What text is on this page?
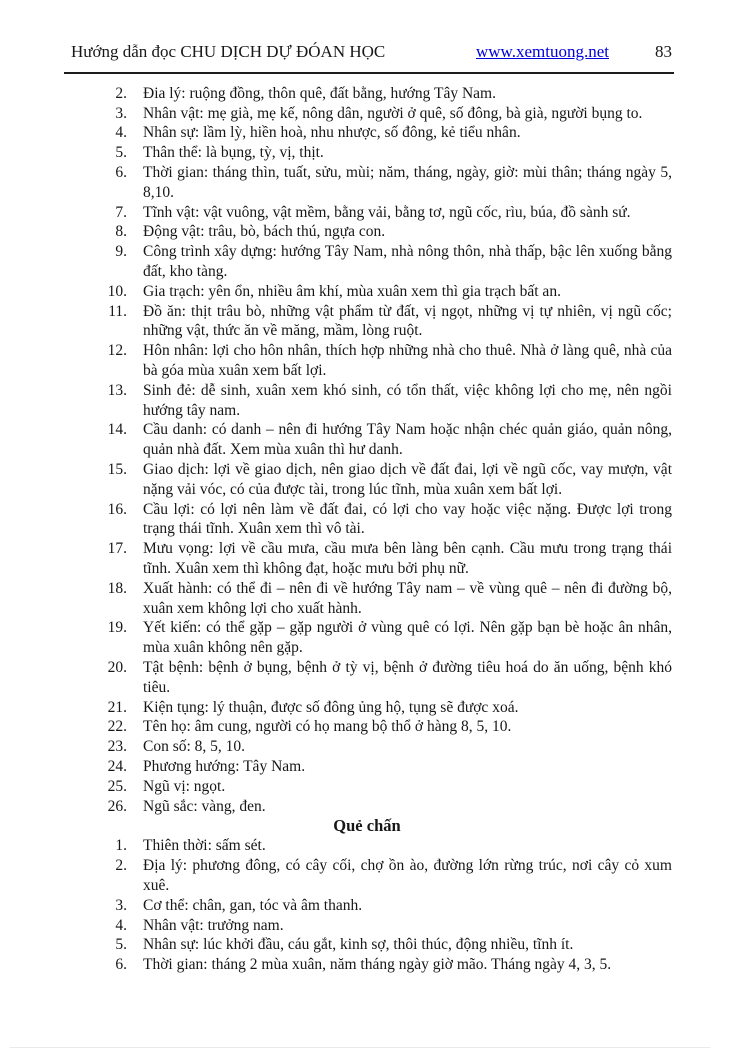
Hướng dẫn đọc CHU DỊCH DỰ ĐÓAN HỌC	www.xemtuong.net	83
2.	Đia lý: ruộng đồng, thôn quê, đất bằng, hướng Tây Nam.
3.	Nhân vật: mẹ già, mẹ kế, nông dân, người ở quê, số đông, bà già, người bụng to.
4.	Nhân sự: lầm lỳ, hiền hoà, nhu nhược, số đông, kẻ tiểu nhân.
5.	Thân thể: là bụng, tỳ, vị, thịt.
6.	Thời gian: tháng thìn, tuất, sửu, mùi; năm, tháng, ngày, giờ: mùi thân; tháng ngày 5, 8,10.
7.	Tĩnh vật: vật vuông, vật mềm, bằng vải, bằng tơ, ngũ cốc, rìu, búa, đồ sành sứ.
8.	Động vật: trâu, bò, bách thú, ngựa con.
9.	Công trình xây dựng: hướng Tây Nam, nhà nông thôn, nhà thấp, bậc lên xuống bằng đất, kho tàng.
10.	Gia trạch: yên ổn, nhiều âm khí, mùa xuân xem thì gia trạch bất an.
11.	Đồ ăn: thịt trâu bò, những vật phẩm từ đất, vị ngọt, những vị tự nhiên, vị ngũ cốc; những vật, thức ăn về măng, mầm, lòng ruột.
12.	Hôn nhân: lợi cho hôn nhân, thích hợp những nhà cho thuê. Nhà ở làng quê, nhà của bà góa mùa xuân xem bất lợi.
13.	Sinh đẻ: dễ sinh, xuân xem khó sinh, có tổn thất, việc không lợi cho mẹ, nên ngồi hướng tây nam.
14.	Cầu danh: có danh – nên đi hướng Tây Nam hoặc nhận chéc quản giáo, quản nông, quản nhà đất. Xem mùa xuân thì hư danh.
15.	Giao dịch: lợi về giao dịch, nên giao dịch về đất đai, lợi về ngũ cốc, vay mượn, vật nặng vải vóc, có của được tài, trong lúc tĩnh, mùa xuân xem bất lợi.
16.	Cầu lợi: có lợi nên làm về đất đai, có lợi cho vay hoặc việc nặng. Được lợi trong trạng thái tĩnh. Xuân xem thì vô tài.
17.	Mưu vọng: lợi về cầu mưa, cầu mưa bên làng bên cạnh. Cầu mưu trong trạng thái tĩnh. Xuân xem thì không đạt, hoặc mưu bởi phụ nữ.
18.	Xuất hành: có thể đi – nên đi về hướng Tây nam – về vùng quê – nên đi đường bộ, xuân xem không lợi cho xuất hành.
19.	Yết kiến: có thể gặp – gặp người ở vùng quê có lợi. Nên gặp bạn bè hoặc ân nhân, mùa xuân không nên gặp.
20.	Tật bệnh: bệnh ở bụng, bệnh ở tỳ vị, bệnh ở đường tiêu hoá do ăn uống, bệnh khó tiêu.
21.	Kiện tụng: lý thuận, được số đông ủng hộ, tụng sẽ được xoá.
22.	Tên họ: âm cung, người có họ mang bộ thổ ở hàng 8, 5, 10.
23.	Con số: 8, 5, 10.
24.	Phương hướng: Tây Nam.
25.	Ngũ vị: ngọt.
26.	Ngũ sắc: vàng, đen.
Quẻ chấn
1.	Thiên thời: sấm sét.
2.	Địa lý: phương đông, có cây cối, chợ ồn ào, đường lớn rừng trúc, nơi cây cỏ xum xuê.
3.	Cơ thể: chân, gan, tóc và âm thanh.
4.	Nhân vật: trưởng nam.
5.	Nhân sự: lúc khởi đầu, cáu gắt, kinh sợ, thôi thúc, động nhiều, tĩnh ít.
6.	Thời gian: tháng 2 mùa xuân, năm tháng ngày giờ mão. Tháng ngày 4, 3, 5.
